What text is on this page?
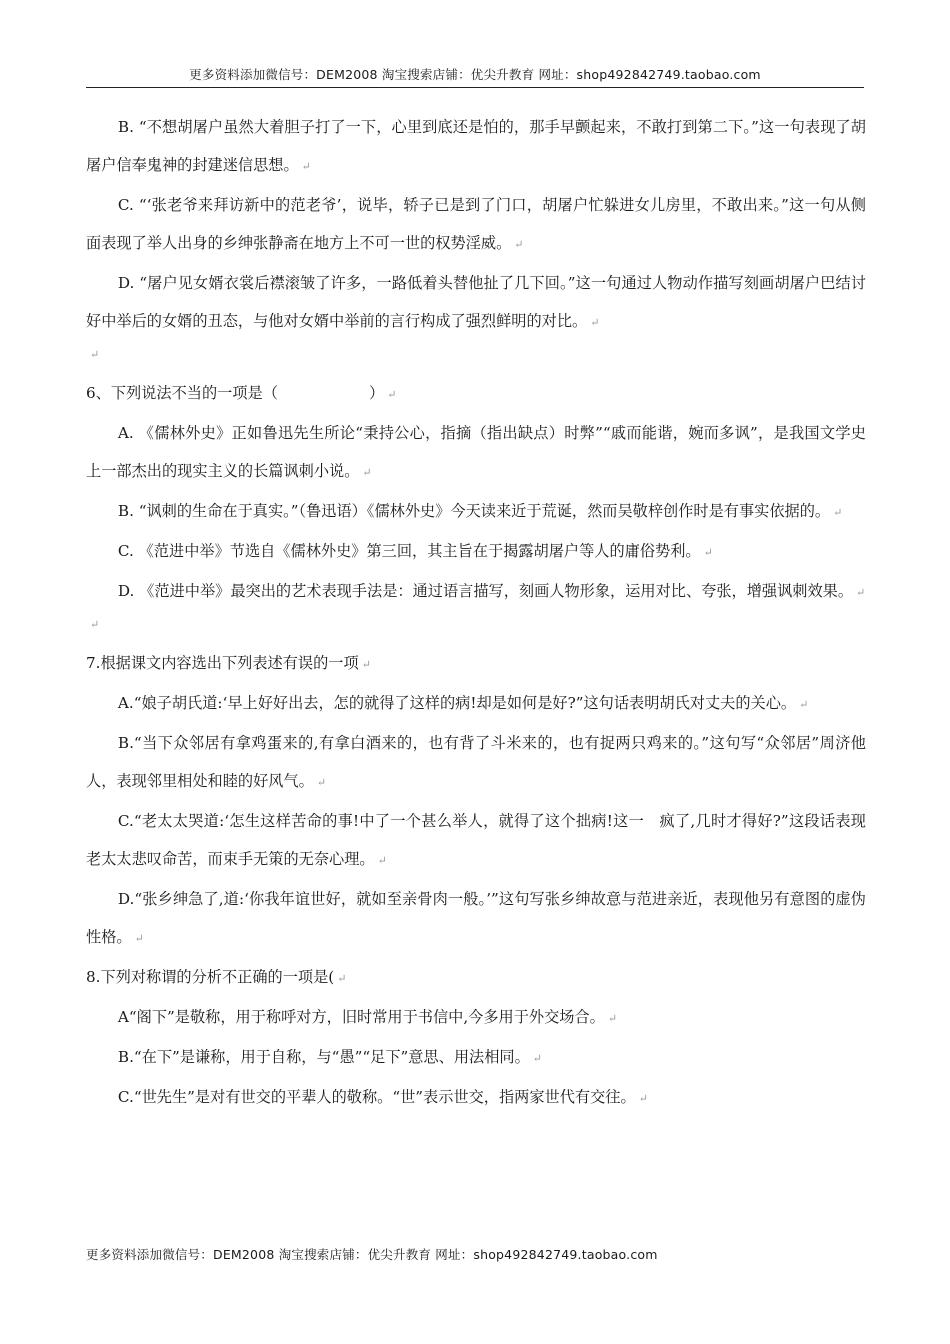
更多资料添加微信号：DEM2008 淘宝搜索店铺：优尖升教育 网址：shop492842749.taobao.com

B. “不想胡屠户虽然大着胆子打了一下，心里到底还是怕的，那手早颤起来，不敢打到第二下。”这一句表现了胡屠户信奉鬼神的封建迷信思想。 ↵

C. “‘张老爷来拜访新中的范老爷’，说毕，轿子已是到了门口，胡屠户忙躲进女儿房里，不敢出来。”这一句从侧面表现了举人出身的乡绅张静斋在地方上不可一世的权势淫威。 ↵

D. “屠户见女婿衣裳后襟滚皱了许多，一路低着头替他扯了几下回。”这一句通过人物动作描写刻画胡屠户巴结讨好中举后的女婿的丑态，与他对女婿中举前的言行构成了强烈鲜明的对比。 ↵

↵

6、下列说法不当的一项是（　　　　　　） ↵

A. 《儒林外史》正如鲁迅先生所论“秉持公心，指摘（指出缺点）时弊”“戚而能谐，婉而多讽”，是我国文学史上一部杰出的现实主义的长篇讽刺小说。 ↵

B. “讽刺的生命在于真实。”（鲁迅语）《儒林外史》今天读来近于荒诞，然而吴敬梓创作时是有事实依据的。 ↵

C. 《范进中举》节选自《儒林外史》第三回，其主旨在于揭露胡屠户等人的庸俗势利。 ↵

D. 《范进中举》最突出的艺术表现手法是：通过语言描写，刻画人物形象，运用对比、夸张，增强讽刺效果。 ↵

↵

7.根据课文内容选出下列表述有误的一项 ↵

A.“娘子胡氏道:‘早上好好出去，怎的就得了这样的病!却是如何是好?”这句话表明胡氏对丈夫的关心。 ↵

B.“当下众邻居有拿鸡蛋来的,有拿白酒来的，也有背了斗米来的，也有捉两只鸡来的。”这句写“众邻居”周济他人，表现邻里相处和睦的好风气。 ↵

C.“老太太哭道:‘怎生这样苦命的事!中了一个甚么举人，就得了这个拙病!这一　疯了,几时才得好?”这段话表现老太太悲叹命苦，而束手无策的无奈心理。 ↵

D.“张乡绅急了,道:‘你我年谊世好，就如至亲骨肉一般。’”这句写张乡绅故意与范进亲近，表现他另有意图的虚伪性格。 ↵

8.下列对称谓的分析不正确的一项是( ↵

A“阁下”是敬称，用于称呼对方，旧时常用于书信中,今多用于外交场合。 ↵

B.“在下”是谦称，用于自称，与“愚”“足下”意思、用法相同。 ↵

C.“世先生”是对有世交的平辈人的敬称。“世”表示世交，指两家世代有交往。 ↵

更多资料添加微信号：DEM2008 淘宝搜索店铺：优尖升教育 网址：shop492842749.taobao.com
